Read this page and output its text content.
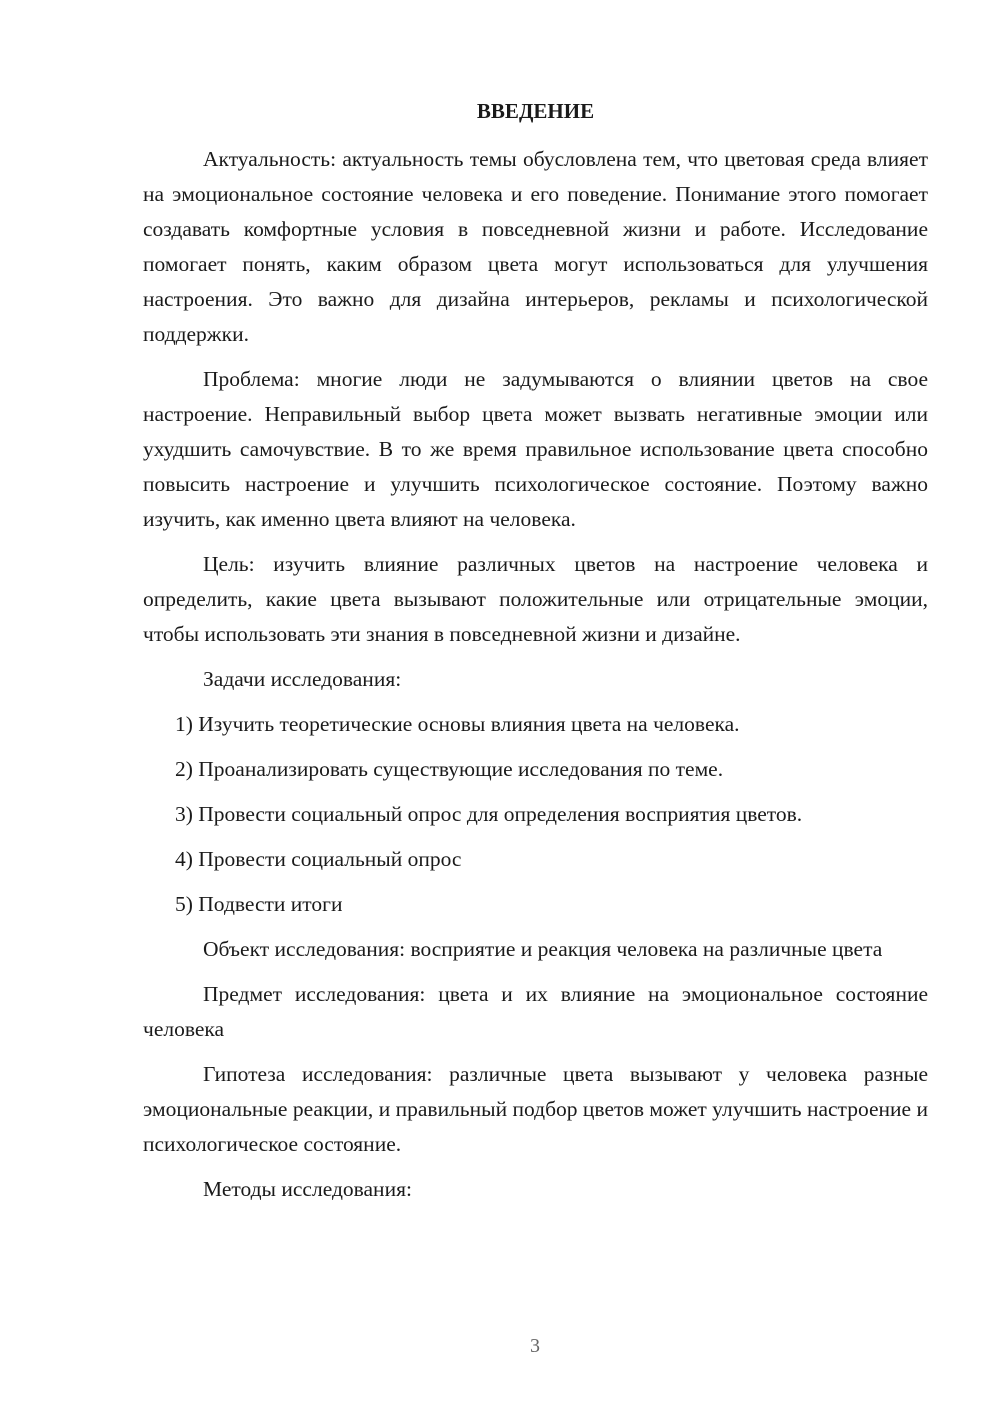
ВВЕДЕНИЕ

Актуальность: актуальность темы обусловлена тем, что цветовая среда влияет на эмоциональное состояние человека и его поведение. Понимание этого помогает создавать комфортные условия в повседневной жизни и работе. Исследование помогает понять, каким образом цвета могут использоваться для улучшения настроения. Это важно для дизайна интерьеров, рекламы и психологической поддержки.

Проблема: многие люди не задумываются о влиянии цветов на свое настроение. Неправильный выбор цвета может вызвать негативные эмоции или ухудшить самочувствие. В то же время правильное использование цвета способно повысить настроение и улучшить психологическое состояние. Поэтому важно изучить, как именно цвета влияют на человека.

Цель: изучить влияние различных цветов на настроение человека и определить, какие цвета вызывают положительные или отрицательные эмоции, чтобы использовать эти знания в повседневной жизни и дизайне.

Задачи исследования:

1) Изучить теоретические основы влияния цвета на человека.
2) Проанализировать существующие исследования по теме.
3) Провести социальный опрос для определения восприятия цветов.
4) Провести социальный опрос
5) Подвести итоги

Объект исследования: восприятие и реакция человека на различные цвета

Предмет исследования: цвета и их влияние на эмоциональное состояние человека

Гипотеза исследования: различные цвета вызывают у человека разные эмоциональные реакции, и правильный подбор цветов может улучшить настроение и психологическое состояние.

Методы исследования:

3
